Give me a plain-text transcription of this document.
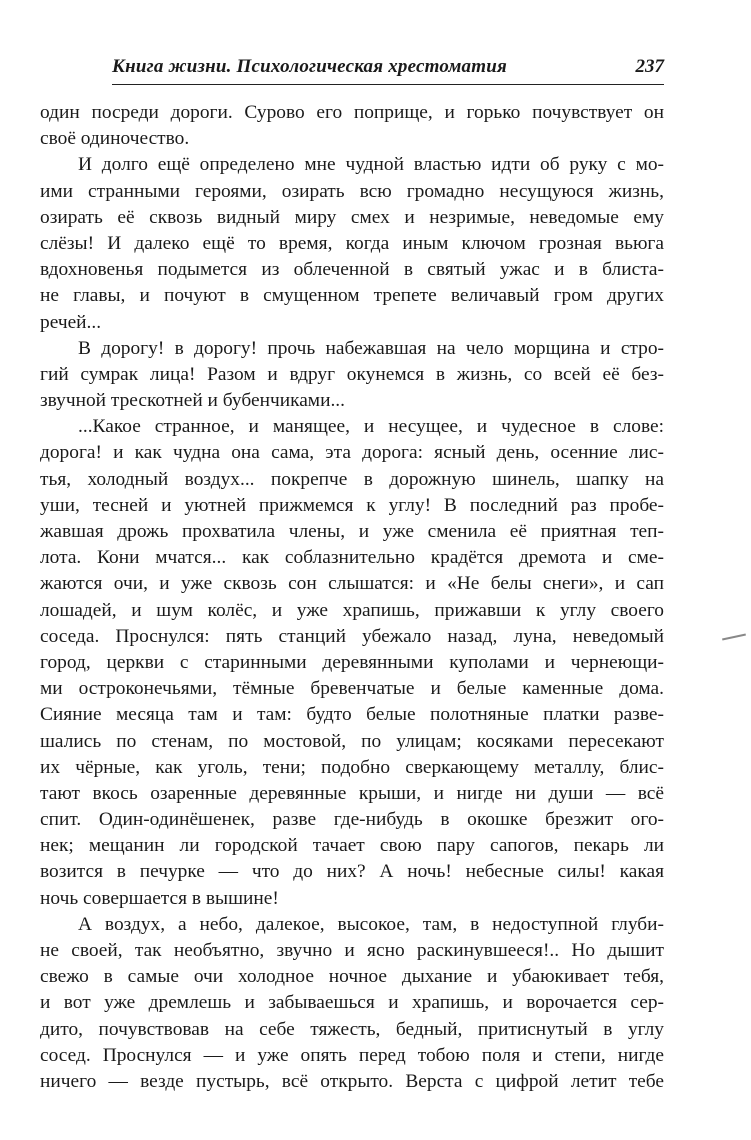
Книга жизни. Психологическая хрестоматия	237
один посреди дороги. Сурово его поприще, и горько почувствует он
своё одиночество.
И долго ещё определено мне чудной властью идти об руку с мо-
ими странными героями, озирать всю громадно несущуюся жизнь,
озирать её сквозь видный миру смех и незримые, неведомые ему
слёзы! И далеко ещё то время, когда иным ключом грозная вьюга
вдохновенья подымется из облеченной в святый ужас и в блиста-
не главы, и почуют в смущенном трепете величавый гром других
речей...
В дорогу! в дорогу! прочь набежавшая на чело морщина и стро-
гий сумрак лица! Разом и вдруг окунемся в жизнь, со всей её без-
звучной трескотней и бубенчиками...
...Какое странное, и манящее, и несущее, и чудесное в слове:
дорога! и как чудна она сама, эта дорога: ясный день, осенние лис-
тья, холодный воздух... покрепче в дорожную шинель, шапку на
уши, тесней и уютней прижмемся к углу! В последний раз пробе-
жавшая дрожь прохватила члены, и уже сменила её приятная теп-
лота. Кони мчатся... как соблазнительно крадётся дремота и сме-
жаются очи, и уже сквозь сон слышатся: и «Не белы снеги», и сап
лошадей, и шум колёс, и уже храпишь, прижавши к углу своего
соседа. Проснулся: пять станций убежало назад, луна, неведомый
город, церкви с старинными деревянными куполами и чернеющи-
ми остроконечьями, тёмные бревенчатые и белые каменные дома.
Сияние месяца там и там: будто белые полотняные платки разве-
шались по стенам, по мостовой, по улицам; косяками пересекают
их чёрные, как уголь, тени; подобно сверкающему металлу, блис-
тают вкось озаренные деревянные крыши, и нигде ни души — всё
спит. Один-одинёшенек, разве где-нибудь в окошке брезжит ого-
нек; мещанин ли городской тачает свою пару сапогов, пекарь ли
возится в печурке — что до них? А ночь! небесные силы! какая
ночь совершается в вышине!
А воздух, а небо, далекое, высокое, там, в недоступной глуби-
не своей, так необъятно, звучно и ясно раскинувшееся!.. Но дышит
свежо в самые очи холодное ночное дыхание и убаюкивает тебя,
и вот уже дремлешь и забываешься и храпишь, и ворочается сер-
дито, почувствовав на себе тяжесть, бедный, притиснутый в углу
сосед. Проснулся — и уже опять перед тобою поля и степи, нигде
ничего — везде пустырь, всё открыто. Верста с цифрой летит тебе
